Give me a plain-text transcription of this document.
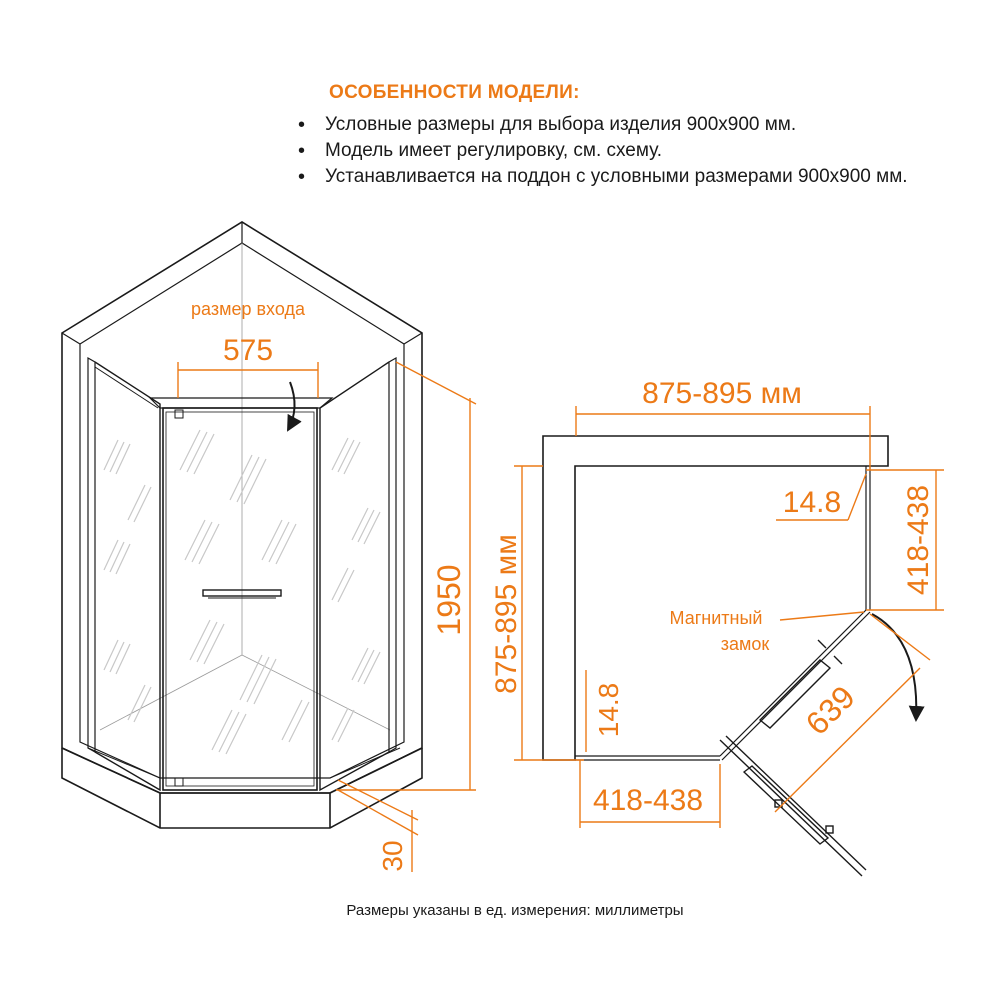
ОСОБЕННОСТИ МОДЕЛИ:
• Условные размеры для выбора изделия 900х900 мм.
• Модель имеет регулировку, см. схему.
• Устанавливается на поддон с условными размерами 900х900 мм.
размер входа
575
1950 875-895 мм
30
875-895 мм
14.8 418-438
Магнитный
замок
639
14.8
418-438
Размеры указаны в ед. измерения: миллиметры
